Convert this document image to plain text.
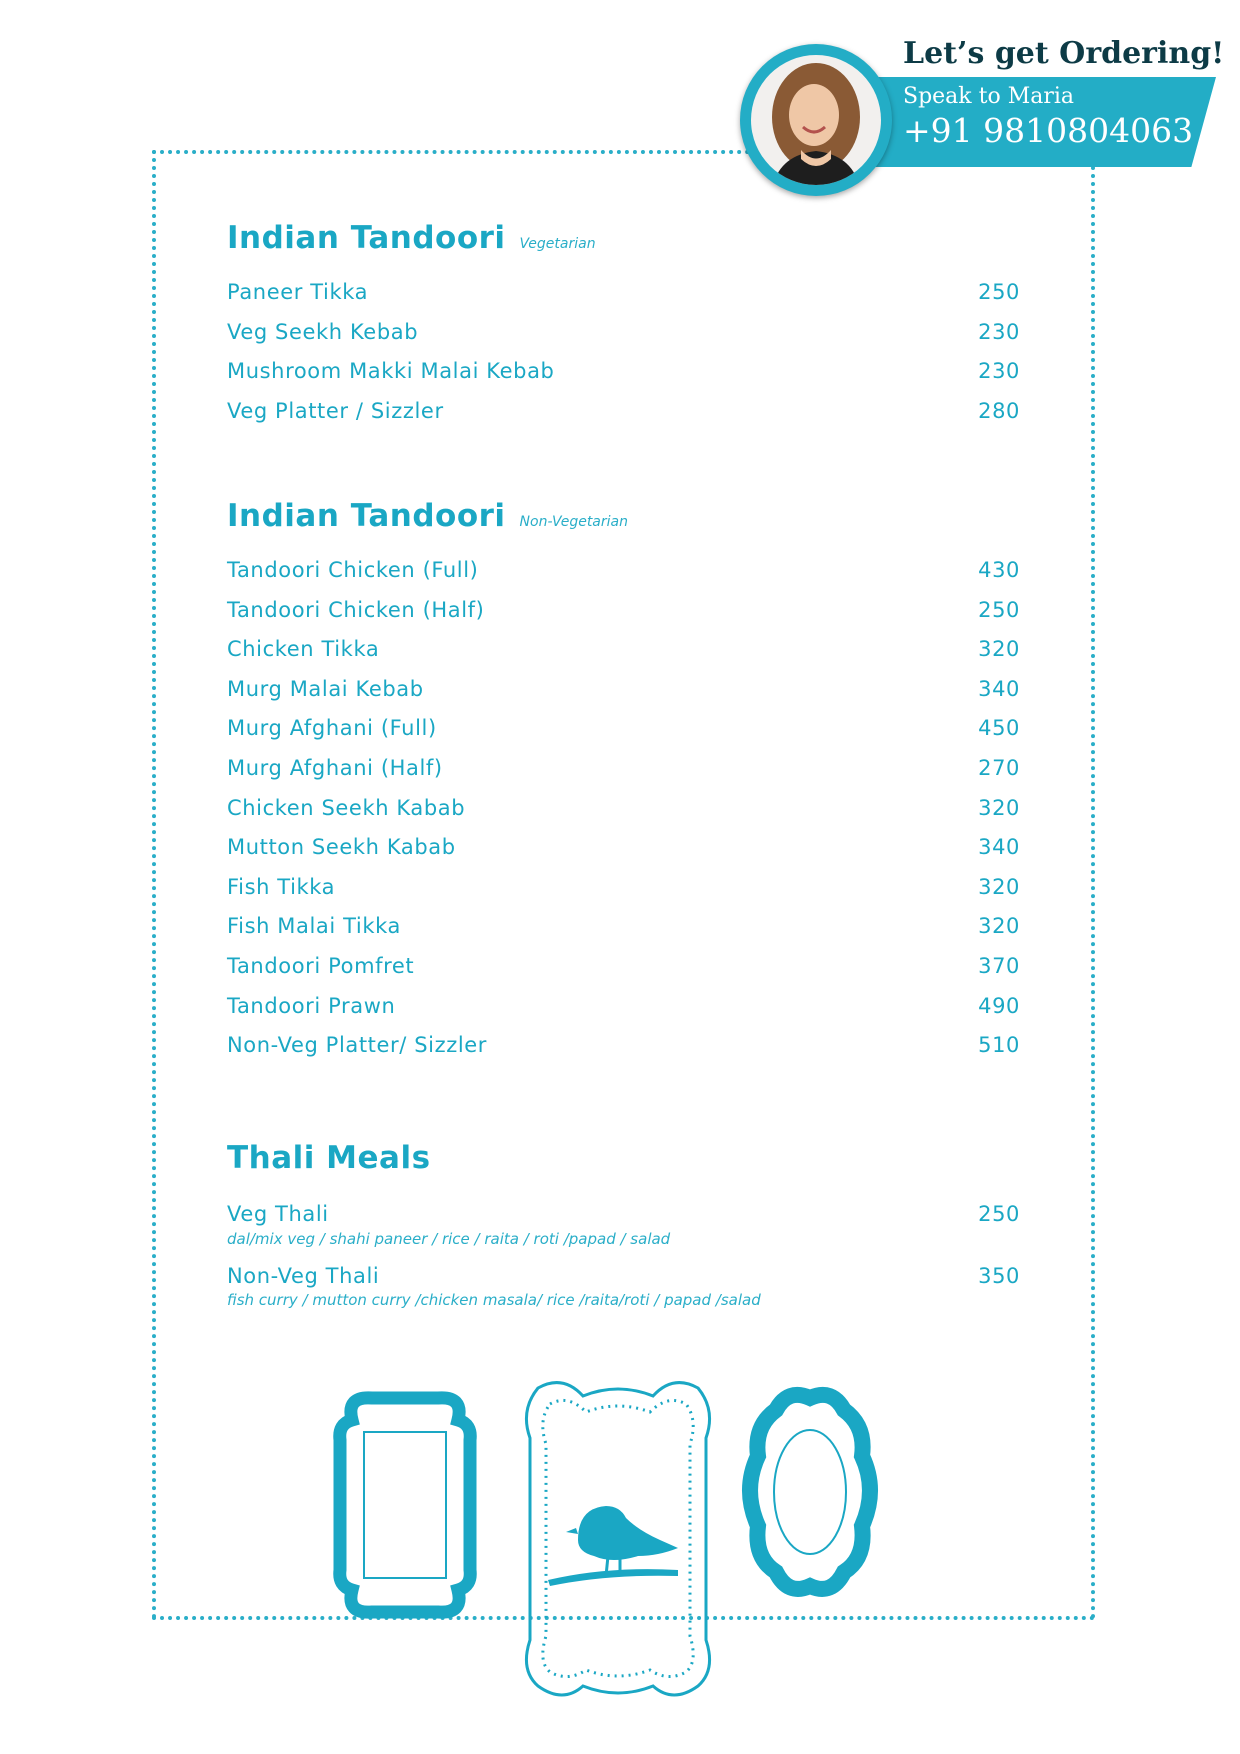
Let’s get Ordering!
Speak to Maria
+91 9810804063
Indian Tandoori Vegetarian
Paneer Tikka	250
Veg Seekh Kebab	230
Mushroom Makki Malai Kebab	230
Veg Platter / Sizzler	280
Indian Tandoori Non-Vegetarian
Tandoori Chicken (Full)	430
Tandoori Chicken (Half)	250
Chicken Tikka	320
Murg Malai Kebab	340
Murg Afghani (Full)	450
Murg Afghani (Half)	270
Chicken Seekh Kabab	320
Mutton Seekh Kabab	340
Fish Tikka	320
Fish Malai Tikka	320
Tandoori Pomfret	370
Tandoori Prawn	490
Non-Veg Platter/ Sizzler	510
Thali Meals
Veg Thali	250
dal/mix veg / shahi paneer / rice / raita / roti /papad / salad
Non-Veg Thali	350
fish curry / mutton curry /chicken masala/ rice /raita/roti / papad /salad
